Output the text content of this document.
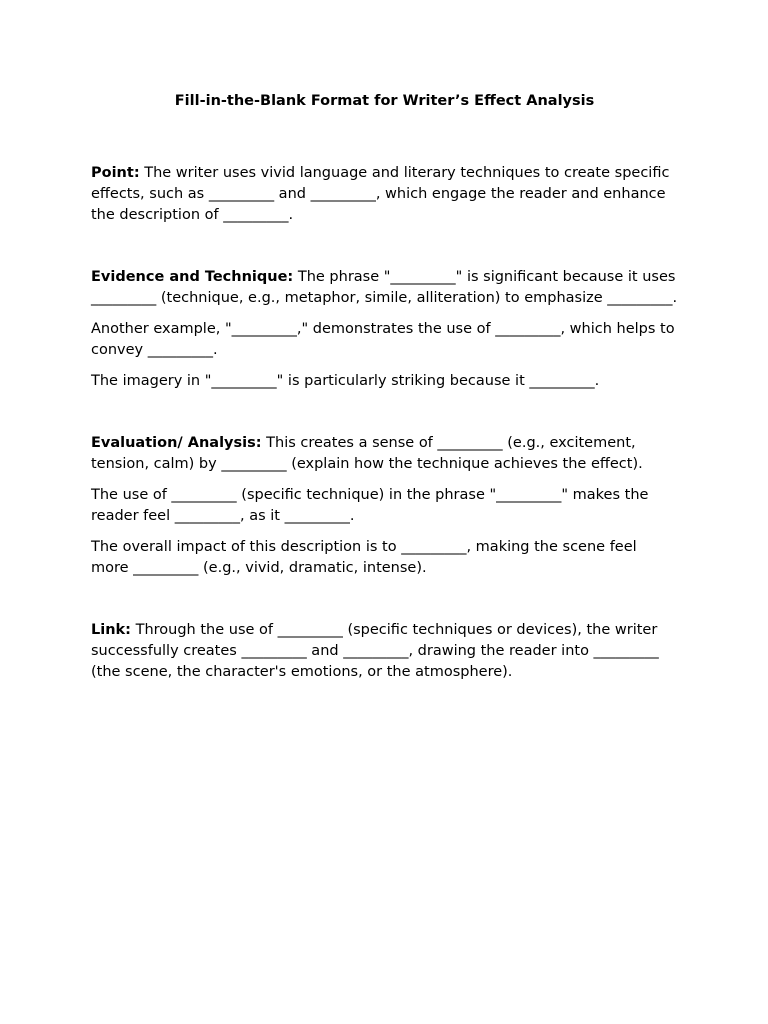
Fill-in-the-Blank Format for Writer’s Effect Analysis

Point: The writer uses vivid language and literary techniques to create specific effects, such as _________ and _________, which engage the reader and enhance the description of _________.

Evidence and Technique: The phrase "_________" is significant because it uses _________ (technique, e.g., metaphor, simile, alliteration) to emphasize _________.

Another example, "_________," demonstrates the use of _________, which helps to convey _________.

The imagery in "_________" is particularly striking because it _________.

Evaluation/ Analysis: This creates a sense of _________ (e.g., excitement, tension, calm) by _________ (explain how the technique achieves the effect).

The use of _________ (specific technique) in the phrase "_________" makes the reader feel _________, as it _________.

The overall impact of this description is to _________, making the scene feel more _________ (e.g., vivid, dramatic, intense).

Link: Through the use of _________ (specific techniques or devices), the writer successfully creates _________ and _________, drawing the reader into _________ (the scene, the character's emotions, or the atmosphere).
